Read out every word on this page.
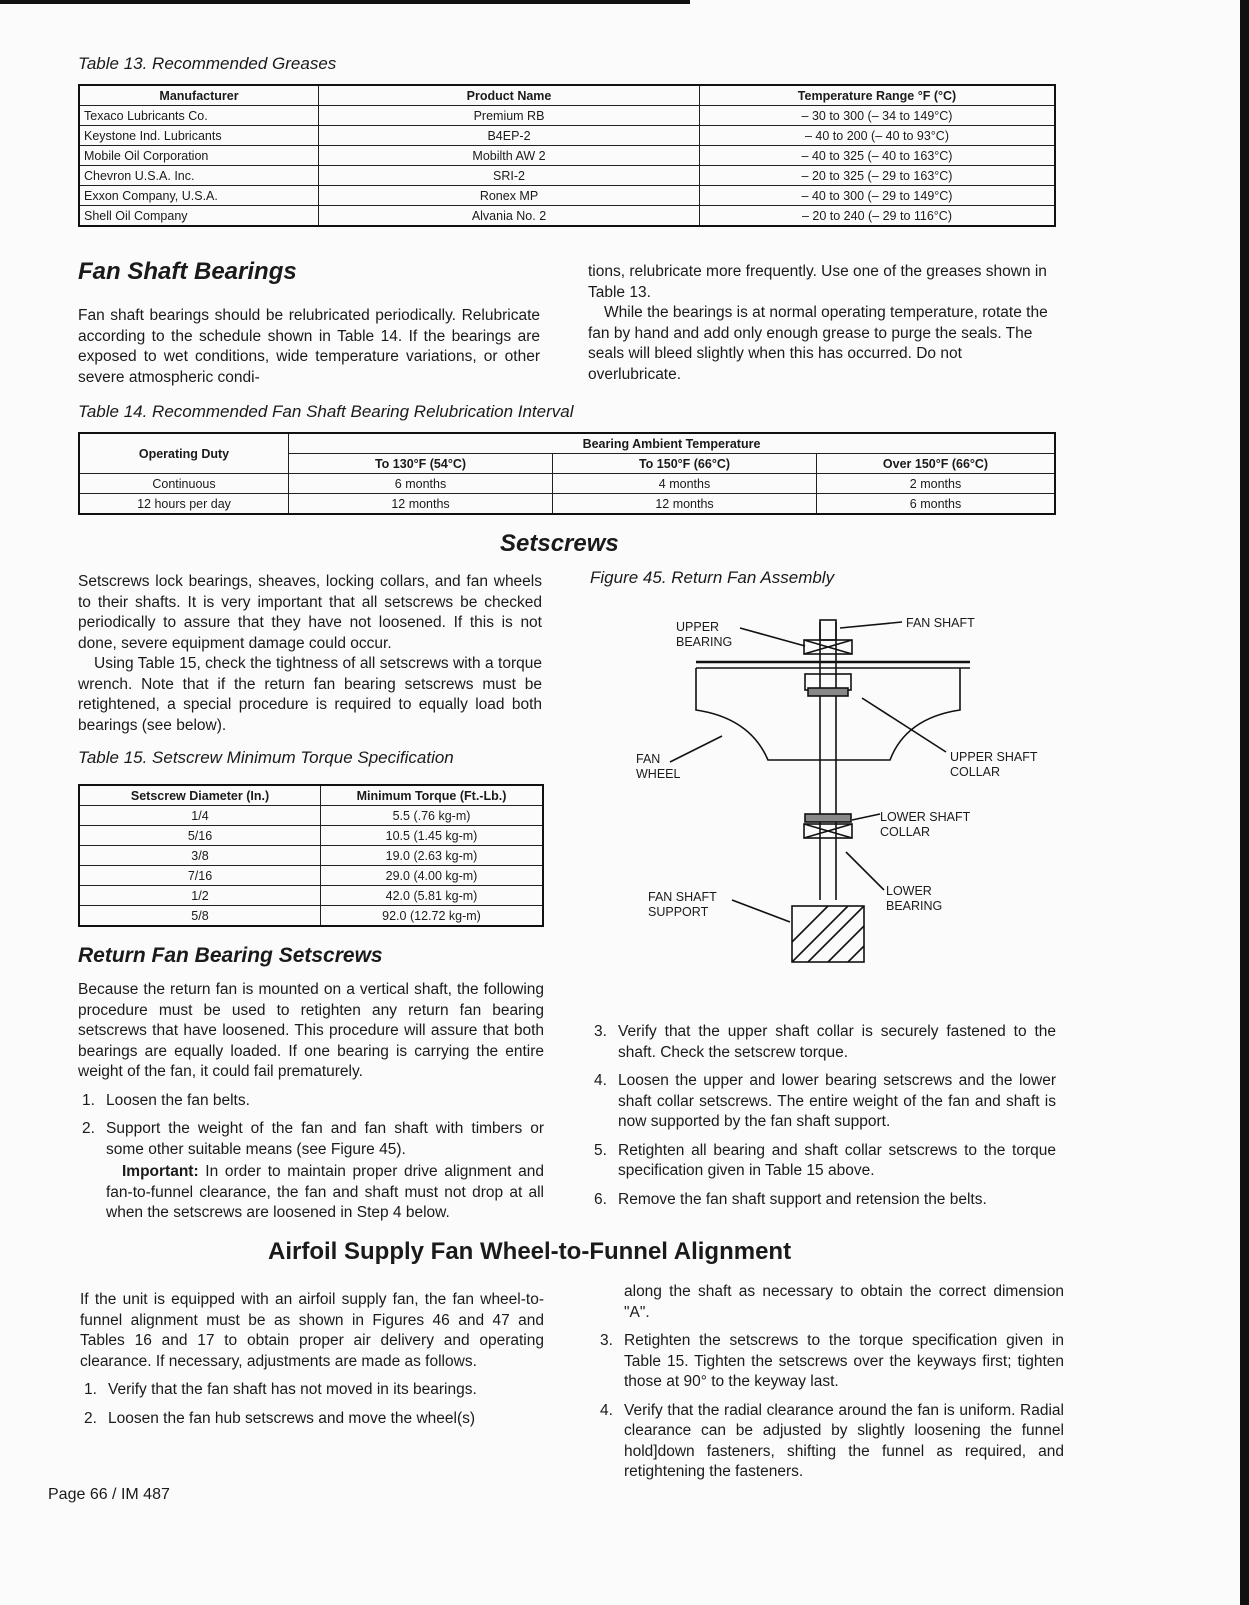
Table 13. Recommended Greases
Manufacturer	Product Name	Temperature Range °F (°C)
Texaco Lubricants Co.	Premium RB	– 30 to 300 (– 34 to 149°C)
Keystone Ind. Lubricants	B4EP-2	– 40 to 200 (– 40 to 93°C)
Mobile Oil Corporation	Mobilth AW 2	– 40 to 325 (– 40 to 163°C)
Chevron U.S.A. Inc.	SRI-2	– 20 to 325 (– 29 to 163°C)
Exxon Company, U.S.A.	Ronex MP	– 40 to 300 (– 29 to 149°C)
Shell Oil Company	Alvania No. 2	– 20 to 240 (– 29 to 116°C)
Fan Shaft Bearings
Fan shaft bearings should be relubricated periodically. Relubricate according to the schedule shown in Table 14. If the bearings are exposed to wet conditions, wide temperature variations, or other severe atmospheric condi-
tions, relubricate more frequently. Use one of the greases shown in Table 13.
While the bearings is at normal operating temperature, rotate the fan by hand and add only enough grease to purge the seals. The seals will bleed slightly when this has occurred. Do not overlubricate.
Table 14. Recommended Fan Shaft Bearing Relubrication Interval
Operating Duty	Bearing Ambient Temperature		
	To 130°F (54°C)	To 150°F (66°C)	Over 150°F (66°C)
Continuous	6 months	4 months	2 months
12 hours per day	12 months	12 months	6 months
Setscrews
Setscrews lock bearings, sheaves, locking collars, and fan wheels to their shafts. It is very important that all setscrews be checked periodically to assure that they have not loosened. If this is not done, severe equipment damage could occur.
Using Table 15, check the tightness of all setscrews with a torque wrench. Note that if the return fan bearing setscrews must be retightened, a special procedure is required to equally load both bearings (see below).
Table 15. Setscrew Minimum Torque Specification
Setscrew Diameter (In.)	Minimum Torque (Ft.-Lb.)
1/4	5.5 (.76 kg-m)
5/16	10.5 (1.45 kg-m)
3/8	19.0 (2.63 kg-m)
7/16	29.0 (4.00 kg-m)
1/2	42.0 (5.81 kg-m)
5/8	92.0 (12.72 kg-m)
Figure 45. Return Fan Assembly
UPPER BEARING
FAN SHAFT
FAN WHEEL
UPPER SHAFT COLLAR
LOWER SHAFT COLLAR
LOWER BEARING
FAN SHAFT SUPPORT
Return Fan Bearing Setscrews
Because the return fan is mounted on a vertical shaft, the following procedure must be used to retighten any return fan bearing setscrews that have loosened. This procedure will assure that both bearings are equally loaded. If one bearing is carrying the entire weight of the fan, it could fail prematurely.
1. Loosen the fan belts.
2. Support the weight of the fan and fan shaft with timbers or some other suitable means (see Figure 45).
Important: In order to maintain proper drive alignment and fan-to-funnel clearance, the fan and shaft must not drop at all when the setscrews are loosened in Step 4 below.
3. Verify that the upper shaft collar is securely fastened to the shaft. Check the setscrew torque.
4. Loosen the upper and lower bearing setscrews and the lower shaft collar setscrews. The entire weight of the fan and shaft is now supported by the fan shaft support.
5. Retighten all bearing and shaft collar setscrews to the torque specification given in Table 15 above.
6. Remove the fan shaft support and retension the belts.
Airfoil Supply Fan Wheel-to-Funnel Alignment
If the unit is equipped with an airfoil supply fan, the fan wheel-to-funnel alignment must be as shown in Figures 46 and 47 and Tables 16 and 17 to obtain proper air delivery and operating clearance. If necessary, adjustments are made as follows.
1. Verify that the fan shaft has not moved in its bearings.
2. Loosen the fan hub setscrews and move the wheel(s)
along the shaft as necessary to obtain the correct dimension "A".
3. Retighten the setscrews to the torque specification given in Table 15. Tighten the setscrews over the keyways first; tighten those at 90° to the keyway last.
4. Verify that the radial clearance around the fan is uniform. Radial clearance can be adjusted by slightly loosening the funnel hold]down fasteners, shifting the funnel as required, and retightening the fasteners.
Page 66 / IM 487
